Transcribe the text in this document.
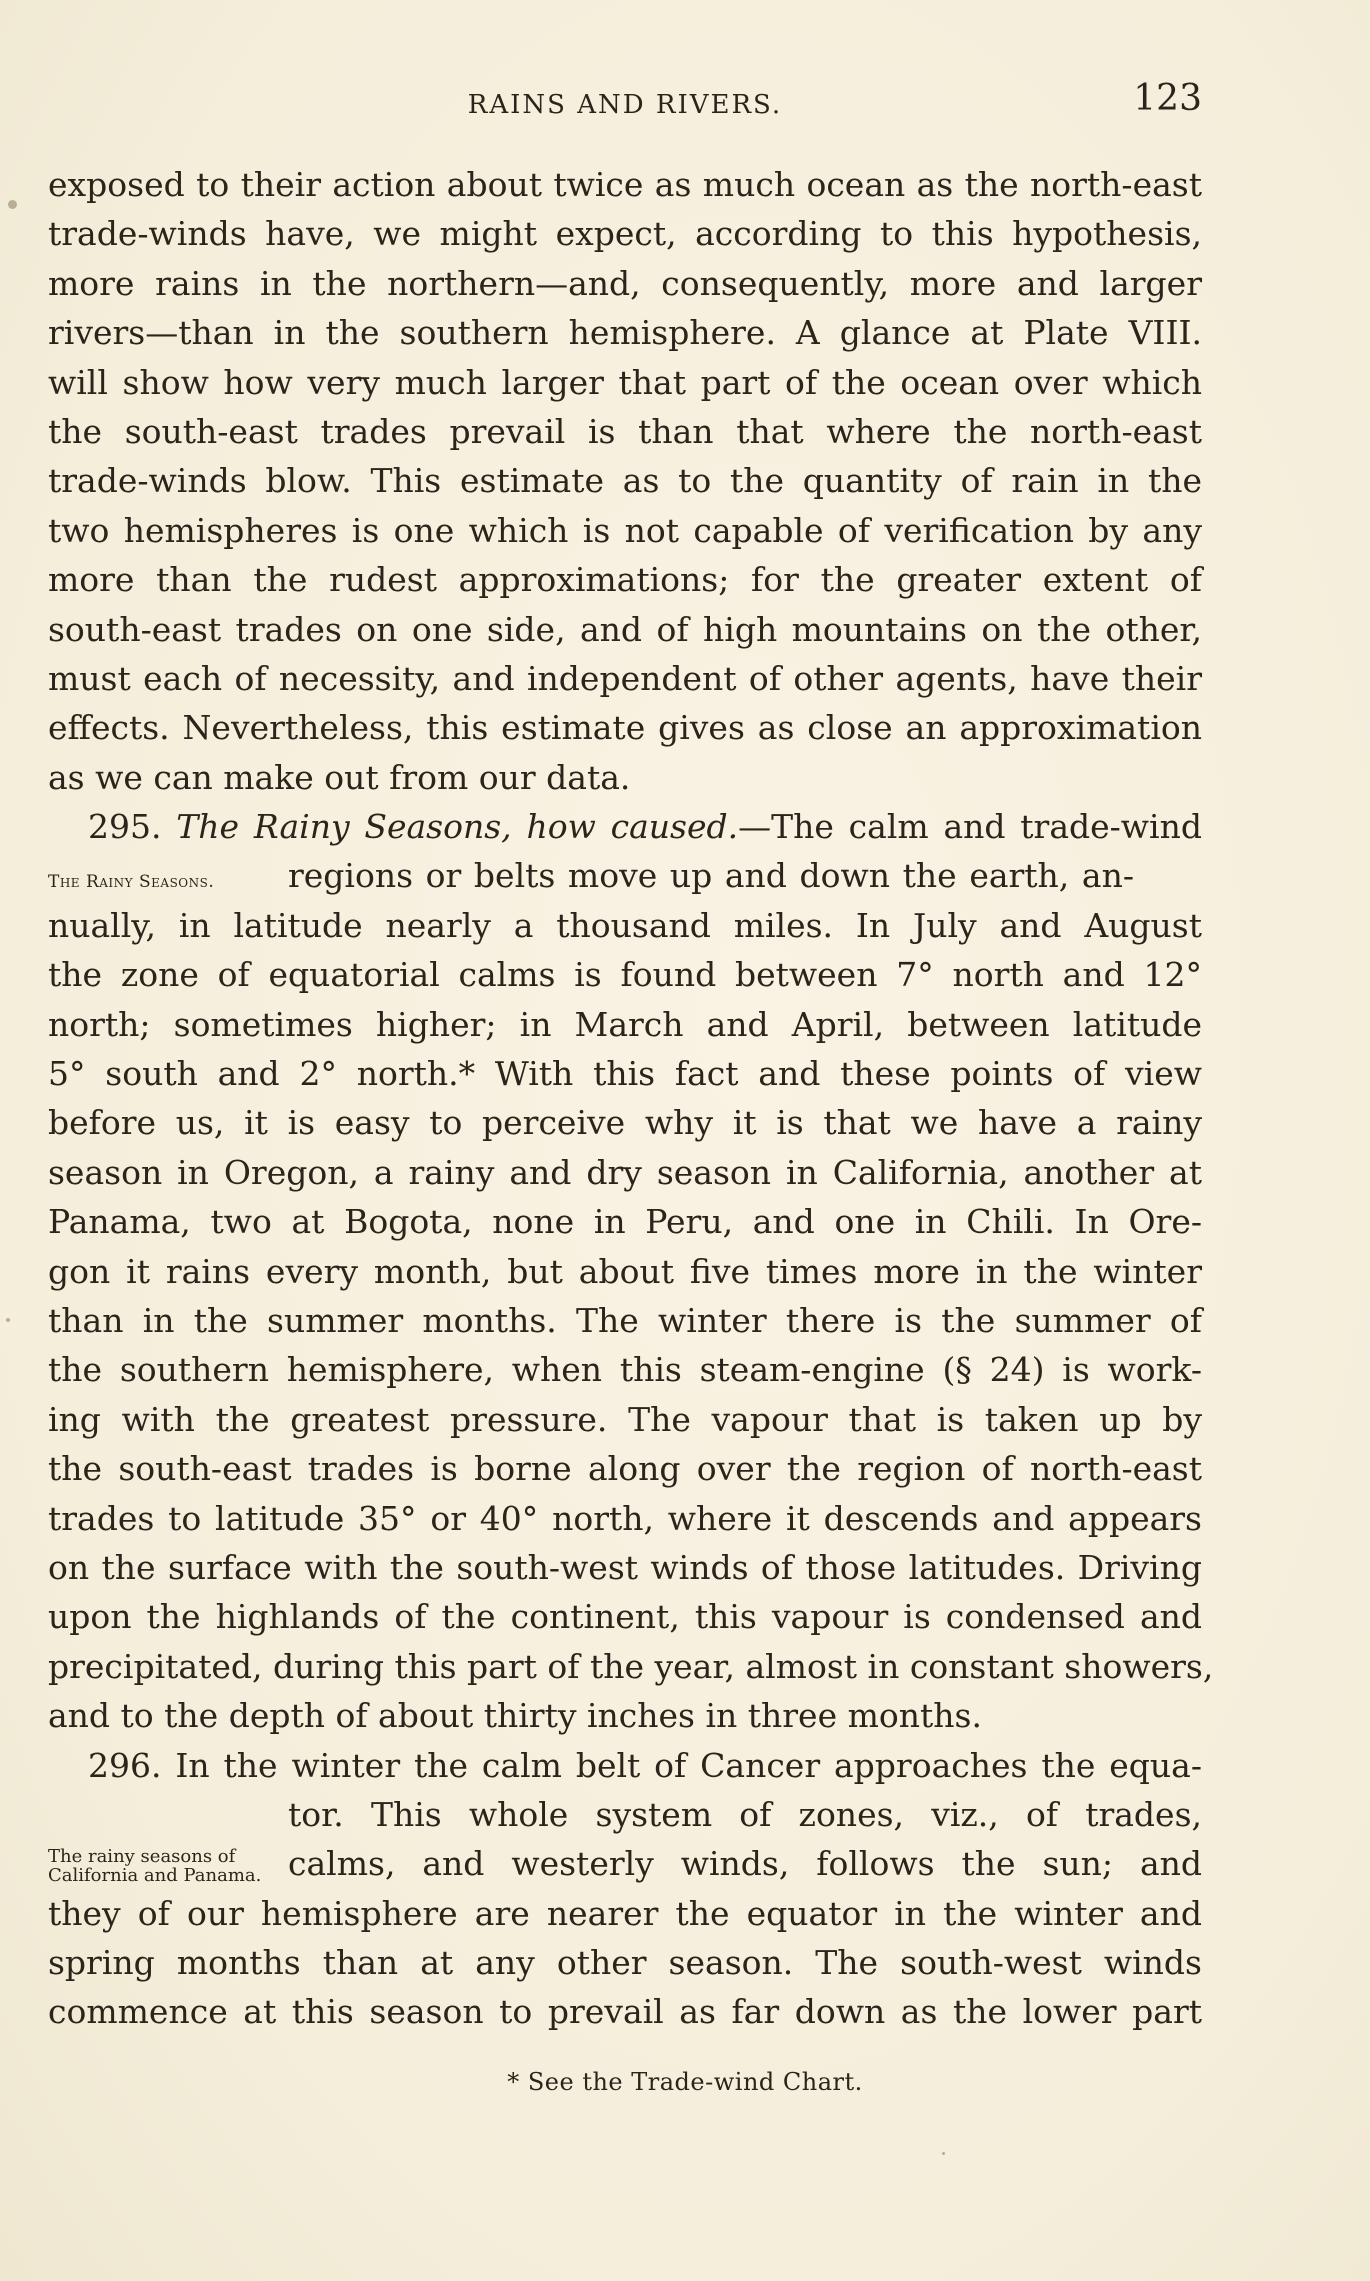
RAINS AND RIVERS.	123
exposed to their action about twice as much ocean as the north-east
trade-winds have, we might expect, according to this hypothesis,
more rains in the northern—and, consequently, more and larger
rivers—than in the southern hemisphere. A glance at Plate VIII.
will show how very much larger that part of the ocean over which
the south-east trades prevail is than that where the north-east
trade-winds blow. This estimate as to the quantity of rain in the
two hemispheres is one which is not capable of verification by any
more than the rudest approximations; for the greater extent of
south-east trades on one side, and of high mountains on the other,
must each of necessity, and independent of other agents, have their
effects. Nevertheless, this estimate gives as close an approximation
as we can make out from our data.
295. The Rainy Seasons, how caused.—The calm and trade-wind
The Rainy Seasons. regions or belts move up and down the earth, an-
nually, in latitude nearly a thousand miles. In July and August
the zone of equatorial calms is found between 7° north and 12°
north; sometimes higher; in March and April, between latitude
5° south and 2° north.* With this fact and these points of view
before us, it is easy to perceive why it is that we have a rainy
season in Oregon, a rainy and dry season in California, another at
Panama, two at Bogota, none in Peru, and one in Chili. In Ore-
gon it rains every month, but about five times more in the winter
than in the summer months. The winter there is the summer of
the southern hemisphere, when this steam-engine (§ 24) is work-
ing with the greatest pressure. The vapour that is taken up by
the south-east trades is borne along over the region of north-east
trades to latitude 35° or 40° north, where it descends and appears
on the surface with the south-west winds of those latitudes. Driving
upon the highlands of the continent, this vapour is condensed and
precipitated, during this part of the year, almost in constant showers,
and to the depth of about thirty inches in three months.
296. In the winter the calm belt of Cancer approaches the equa-
tor. This whole system of zones, viz., of trades,
calms, and westerly winds, follows the sun; and
they of our hemisphere are nearer the equator in the winter and
spring months than at any other season. The south-west winds
commence at this season to prevail as far down as the lower part
The rainy seasons of California and Panama.
* See the Trade-wind Chart.
